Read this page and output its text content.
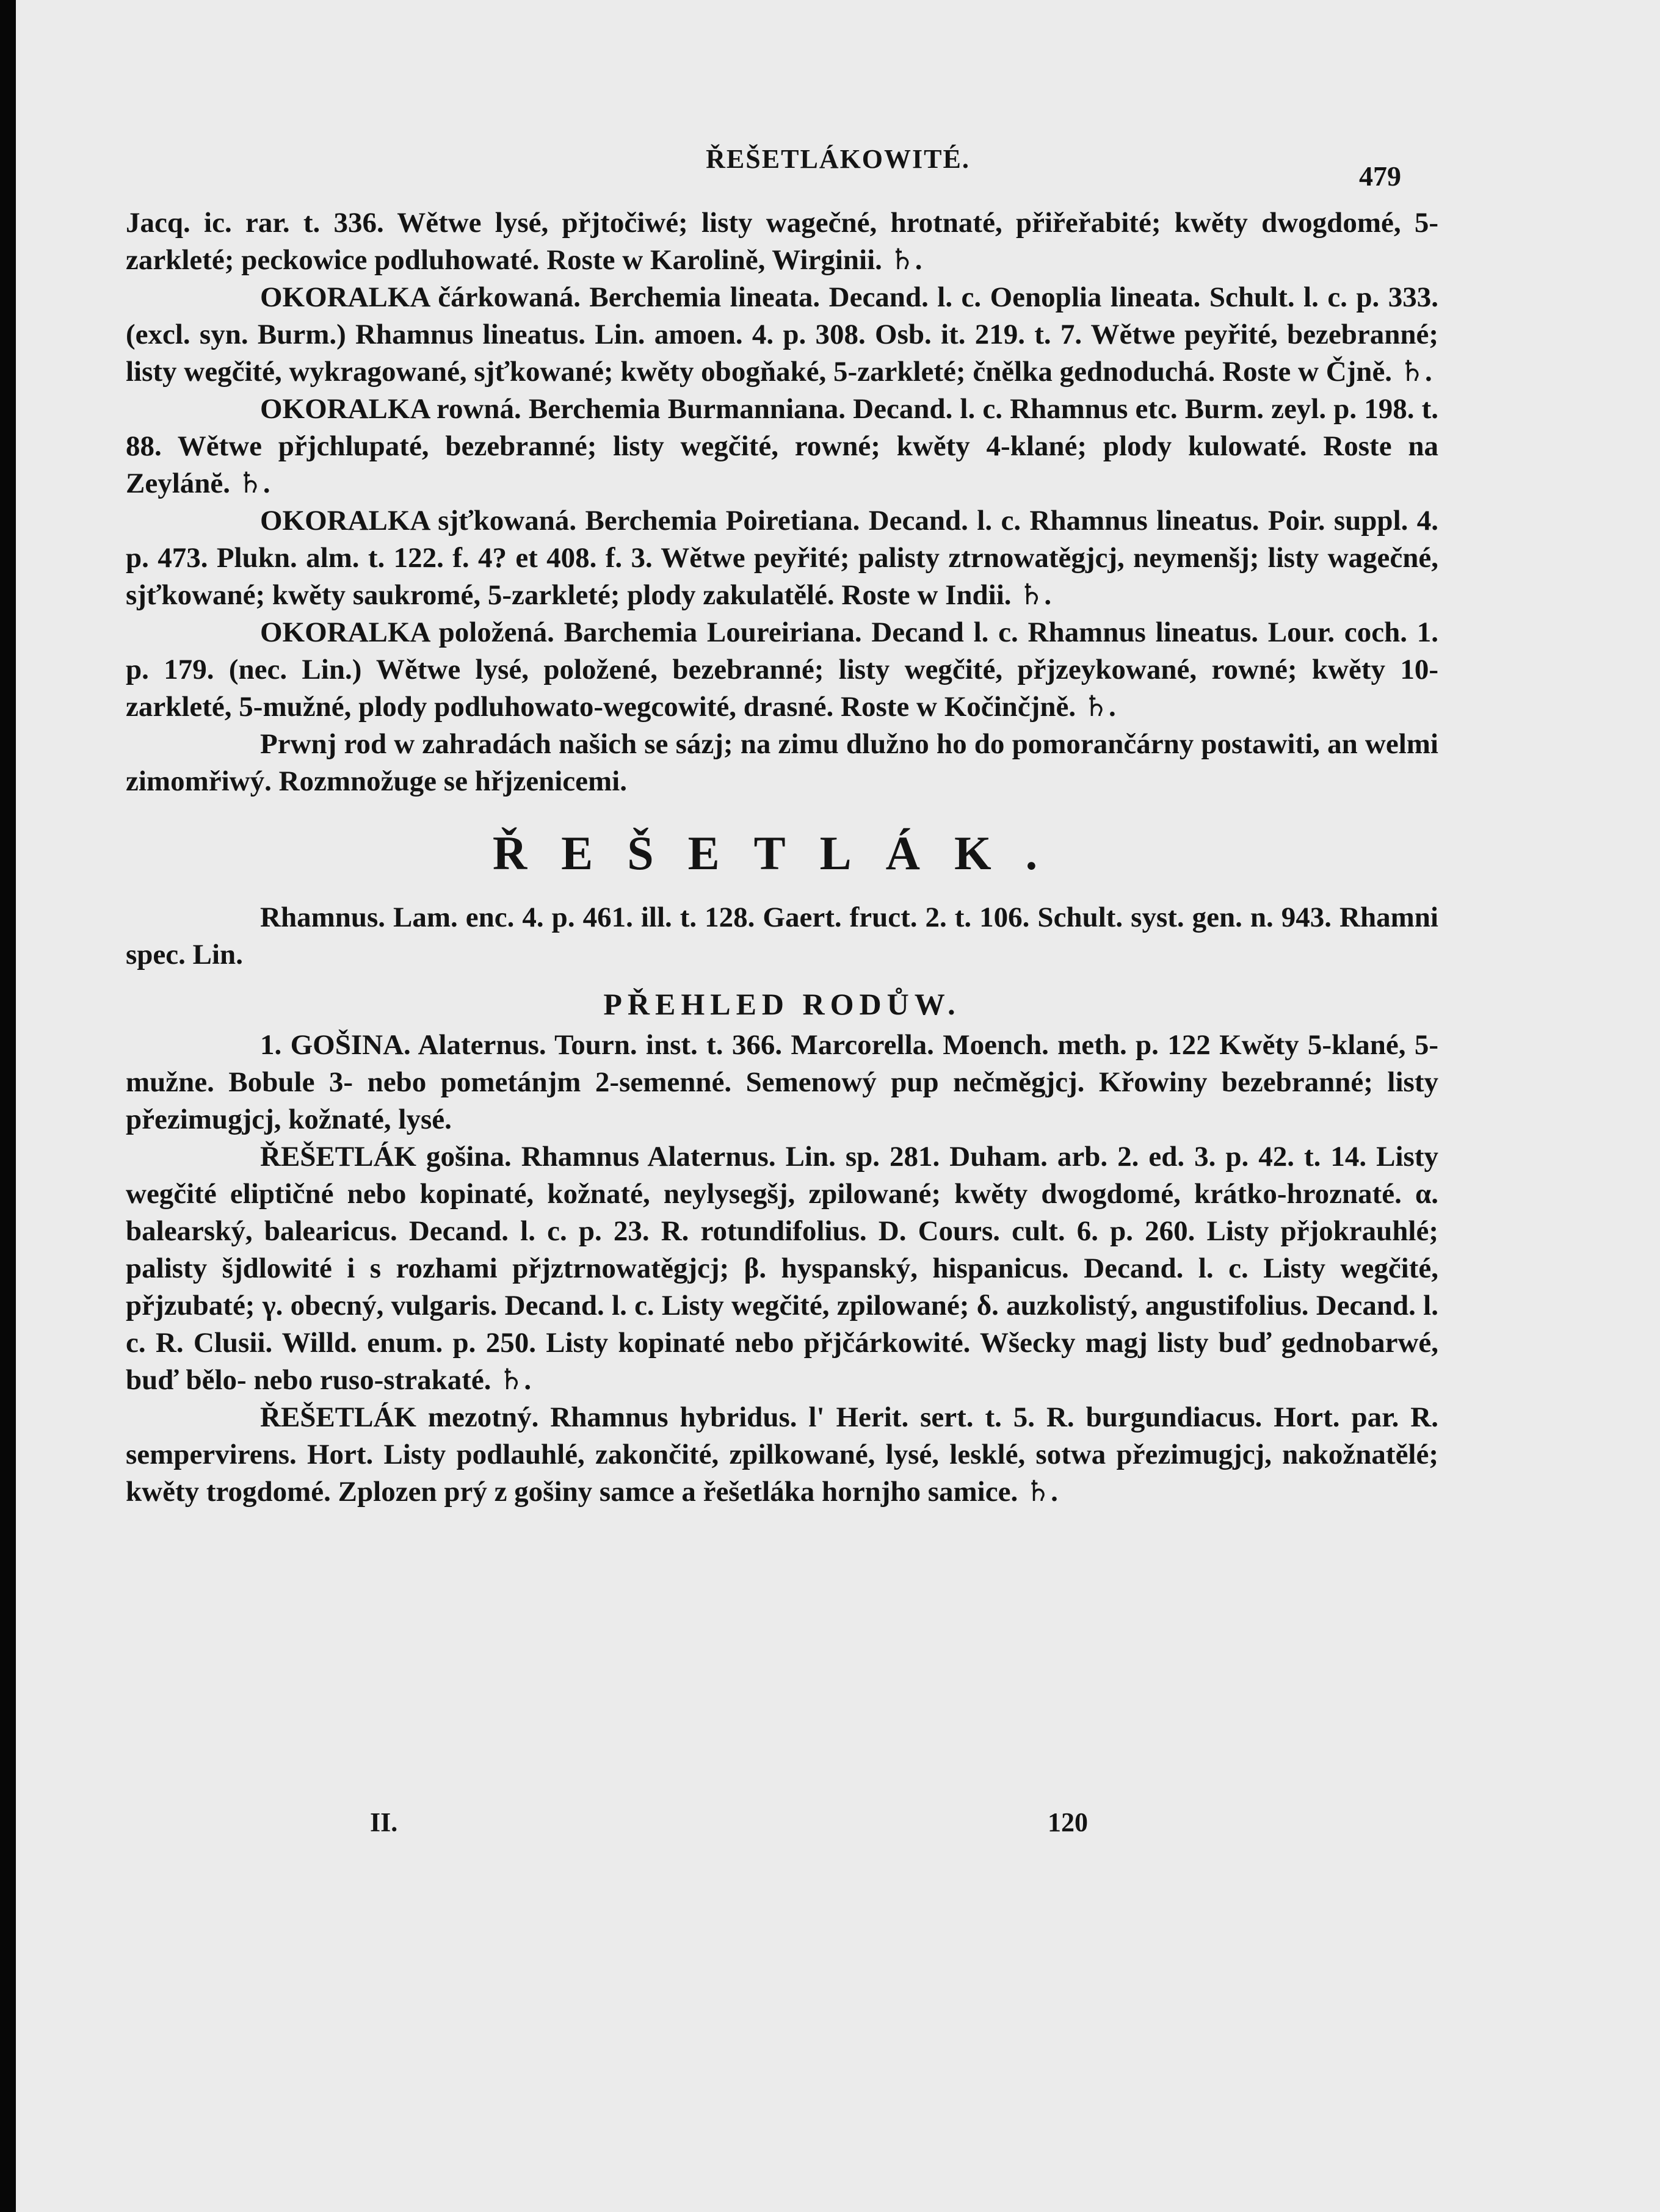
ŘEŠETLÁKOWITÉ.
479

Jacq. ic. rar. t. 336. Wětwe lysé, přjtočiwé; listy wagečné, hrotnaté, přiřeřabité; kwěty dwogdomé, 5-zarkleté; peckowice podluhowaté. Roste w Karolině, Wirginii. ♄.

OKORALKA čárkowaná. Berchemia lineata. Decand. l. c. Oenoplia lineata. Schult. l. c. p. 333. (excl. syn. Burm.) Rhamnus lineatus. Lin. amoen. 4. p. 308. Osb. it. 219. t. 7. Wětwe peyřité, bezebranné; listy wegčité, wykragowané, sjťkowané; kwěty obogňaké, 5-zarkleté; čnělka gednoduchá. Roste w Čjně. ♄.

OKORALKA rowná. Berchemia Burmanniana. Decand. l. c. Rhamnus etc. Burm. zeyl. p. 198. t. 88. Wětwe přjchlupaté, bezebranné; listy wegčité, rowné; kwěty 4-klané; plody kulowaté. Roste na Zeylánĕ. ♄.

OKORALKA sjťkowaná. Berchemia Poiretiana. Decand. l. c. Rhamnus lineatus. Poir. suppl. 4. p. 473. Plukn. alm. t. 122. f. 4? et 408. f. 3. Wětwe peyřité; palisty ztrnowatěgjcj, neymenšj; listy wagečné, sjťkowané; kwěty saukromé, 5-zarkleté; plody zakulatělé. Roste w Indii. ♄.

OKORALKA položená. Barchemia Loureiriana. Decand l. c. Rhamnus lineatus. Lour. coch. 1. p. 179. (nec. Lin.) Wětwe lysé, položené, bezebranné; listy wegčité, přjzeykowané, rowné; kwěty 10-zarkleté, 5-mužné, plody podluhowato-wegcowité, drasné. Roste w Kočinčjně. ♄.

Prwnj rod w zahradách našich se sázj; na zimu dlužno ho do pomorančárny postawiti, an welmi zimomřiwý. Rozmnožuge se hřjzenicemi.

ŘEŠETLÁK.

Rhamnus. Lam. enc. 4. p. 461. ill. t. 128. Gaert. fruct. 2. t. 106. Schult. syst. gen. n. 943. Rhamni spec. Lin.

PŘEHLED RODŮW.

1. GOŠINA. Alaternus. Tourn. inst. t. 366. Marcorella. Moench. meth. p. 122 Kwěty 5-klané, 5-mužne. Bobule 3- nebo pometánjm 2-semenné. Semenowý pup nečměgjcj. Křowiny bezebranné; listy přezimugjcj, kožnaté, lysé.

ŘEŠETLÁK gošina. Rhamnus Alaternus. Lin. sp. 281. Duham. arb. 2. ed. 3. p. 42. t. 14. Listy wegčité eliptičné nebo kopinaté, kožnaté, neylysegšj, zpilowané; kwěty dwogdomé, krátko-hroznaté. α. balearský, balearicus. Decand. l. c. p. 23. R. rotundifolius. D. Cours. cult. 6. p. 260. Listy přjokrauhlé; palisty šjdlowité i s rozhami přjztrnowatěgjcj; β. hyspanský, hispanicus. Decand. l. c. Listy wegčité, přjzubaté; γ. obecný, vulgaris. Decand. l. c. Listy wegčité, zpilowané; δ. auzkolistý, angustifolius. Decand. l. c. R. Clusii. Willd. enum. p. 250. Listy kopinaté nebo přjčárkowité. Wšecky magj listy buď gednobarwé, buď bělo- nebo ruso-strakaté. ♄.

ŘEŠETLÁK mezotný. Rhamnus hybridus. l' Herit. sert. t. 5. R. burgundiacus. Hort. par. R. sempervirens. Hort. Listy podlauhlé, zakončité, zpilkowané, lysé, lesklé, sotwa přezimugjcj, nakožnatělé; kwěty trogdomé. Zplozen prý z gošiny samce a řešetláka hornjho samice. ♄.

II.	120
